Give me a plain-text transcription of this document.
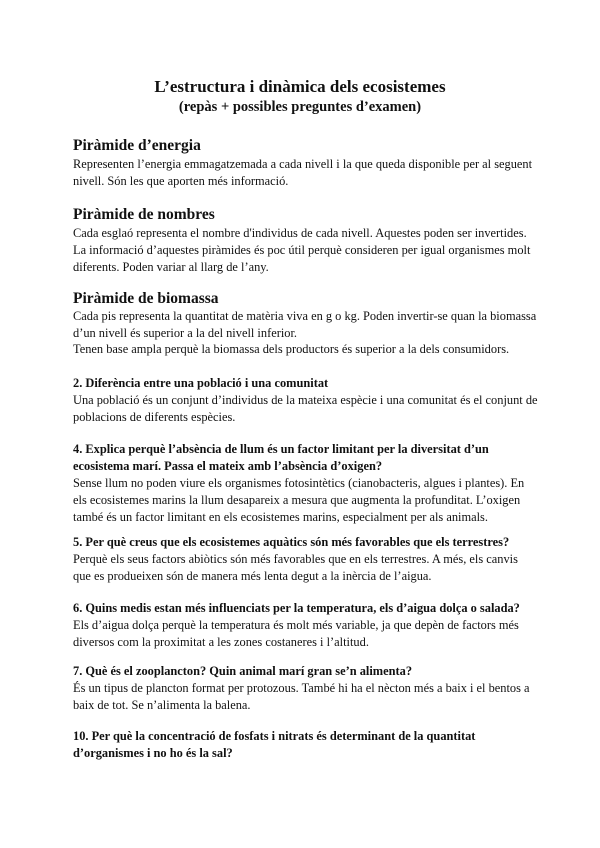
L’estructura i dinàmica dels ecosistemes
(repàs + possibles preguntes d’examen)
Piràmide d’energia
Representen l’energia emmagatzemada a cada nivell i la que queda disponible per al seguent
nivell. Són les que aporten més informació.
Piràmide de nombres
Cada esglaó representa el nombre d'individus de cada nivell. Aquestes poden ser invertides.
La informació d’aquestes piràmides és poc útil perquè consideren per igual organismes molt
diferents. Poden variar al llarg de l’any.
Piràmide de biomassa
Cada pis representa la quantitat de matèria viva en g o kg. Poden invertir-se quan la biomassa
d’un nivell és superior a la del nivell inferior.
Tenen base ampla perquè la biomassa dels productors és superior a la dels consumidors.
2. Diferència entre una població i una comunitat
Una població és un conjunt d’individus de la mateixa espècie i una comunitat és el conjunt de
poblacions de diferents espècies.
4. Explica perquè l’absència de llum és un factor limitant per la diversitat d’un
ecosistema marí. Passa el mateix amb l’absència d’oxigen?
Sense llum no poden viure els organismes fotosintètics (cianobacteris, algues i plantes). En
els ecosistemes marins la llum desapareix a mesura que augmenta la profunditat. L’oxigen
també és un factor limitant en els ecosistemes marins, especialment per als animals.
5. Per què creus que els ecosistemes aquàtics són més favorables que els terrestres?
Perquè els seus factors abiòtics són més favorables que en els terrestres. A més, els canvis
que es produeixen són de manera més lenta degut a la inèrcia de l’aigua.
6. Quins medis estan més influenciats per la temperatura, els d’aigua dolça o salada?
Els d’aigua dolça perquè la temperatura és molt més variable, ja que depèn de factors més
diversos com la proximitat a les zones costaneres i l’altitud.
7. Què és el zooplancton? Quin animal marí gran se’n alimenta?
És un tipus de plancton format per protozous. També hi ha el nècton més a baix i el bentos a
baix de tot. Se n’alimenta la balena.
10. Per què la concentració de fosfats i nitrats és determinant de la quantitat
d’organismes i no ho és la sal?
